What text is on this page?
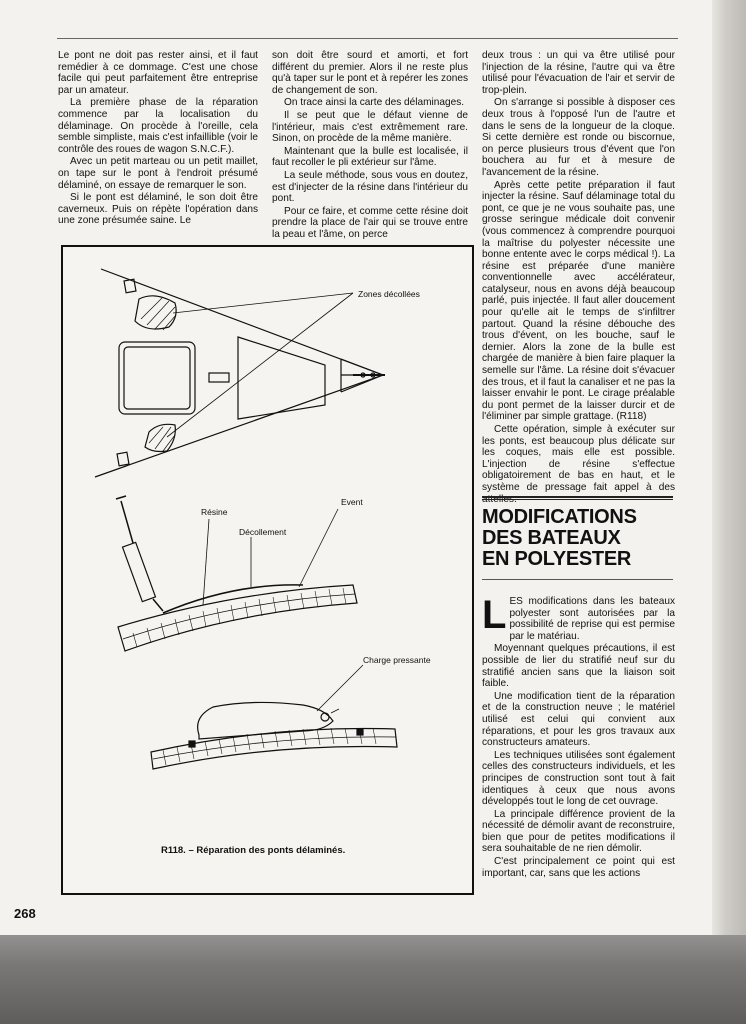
Le pont ne doit pas rester ainsi, et il faut remédier à ce dommage. C'est une chose facile qui peut parfaitement être entreprise par un amateur.

La première phase de la réparation commence par la localisation du délaminage. On procède à l'oreille, cela semble simpliste, mais c'est infaillible (voir le contrôle des roues de wagon S.N.C.F.).

Avec un petit marteau ou un petit maillet, on tape sur le pont à l'endroit présumé délaminé, on essaye de remarquer le son.

Si le pont est délaminé, le son doit être caverneux. Puis on répète l'opération dans une zone présumée saine. Le

son doit être sourd et amorti, et fort différent du premier. Alors il ne reste plus qu'à taper sur le pont et à repérer les zones de changement de son.

On trace ainsi la carte des délaminages.

Il se peut que le défaut vienne de l'intérieur, mais c'est extrêmement rare. Sinon, on procède de la même manière.

Maintenant que la bulle est localisée, il faut recoller le pli extérieur sur l'âme.

La seule méthode, sous vous en doutez, est d'injecter de la résine dans l'intérieur du pont.

Pour ce faire, et comme cette résine doit prendre la place de l'air qui se trouve entre la peau et l'âme, on perce

deux trous : un qui va être utilisé pour l'injection de la résine, l'autre qui va être utilisé pour l'évacuation de l'air et servir de trop-plein.

On s'arrange si possible à disposer ces deux trous à l'opposé l'un de l'autre et dans le sens de la longueur de la cloque. Si cette dernière est ronde ou biscornue, on perce plusieurs trous d'évent que l'on bouchera au fur et à mesure de l'avancement de la résine.

Après cette petite préparation il faut injecter la résine. Sauf délaminage total du pont, ce que je ne vous souhaite pas, une grosse seringue médicale doit convenir (vous commencez à comprendre pourquoi la maîtrise du polyester nécessite une bonne entente avec le corps médical !). La résine est préparée d'une manière conventionnelle avec accélérateur, catalyseur, nous en avons déjà beaucoup parlé, puis injectée. Il faut aller doucement pour qu'elle ait le temps de s'infiltrer partout. Quand la résine débouche des trous d'évent, on les bouche, sauf le dernier. Alors la zone de la bulle est chargée de manière à bien faire plaquer la semelle sur l'âme. La résine doit s'évacuer des trous, et il faut la canaliser et ne pas la laisser envahir le pont. Le cirage préalable du pont permet de la laisser durcir et de l'éliminer par simple grattage. (R118)

Cette opération, simple à exécuter sur les ponts, est beaucoup plus délicate sur les coques, mais elle est possible. L'injection de résine s'effectue obligatoirement de bas en haut, et le système de pressage fait appel à des

MODIFICATIONS
DES BATEAUX
EN POLYESTER

LES modifications dans les bateaux polyester sont autorisées par la possibilité de reprise qui est permise par le matériau.

Moyennant quelques précautions, il est possible de lier du stratifié neuf sur du stratifié ancien sans que la liaison soit faible.

Une modification tient de la réparation et de la construction neuve ; le matériel utilisé est celui qui convient aux réparations, et pour les gros travaux aux constructeurs amateurs.

Les techniques utilisées sont également celles des constructeurs individuels, et les principes de construction sont tout à fait identiques à ceux que nous avons développés tout le long de cet ouvrage.

La principale différence provient de la nécessité de démolir avant de reconstruire, bien que pour de petites modifications il sera souhaitable de ne rien démolir.

C'est principalement ce point qui est important, car, sans que les actions

Zones décollées
Résine
Décollement
Event
Charge pressante
R118. – Réparation des ponts délaminés.
268
